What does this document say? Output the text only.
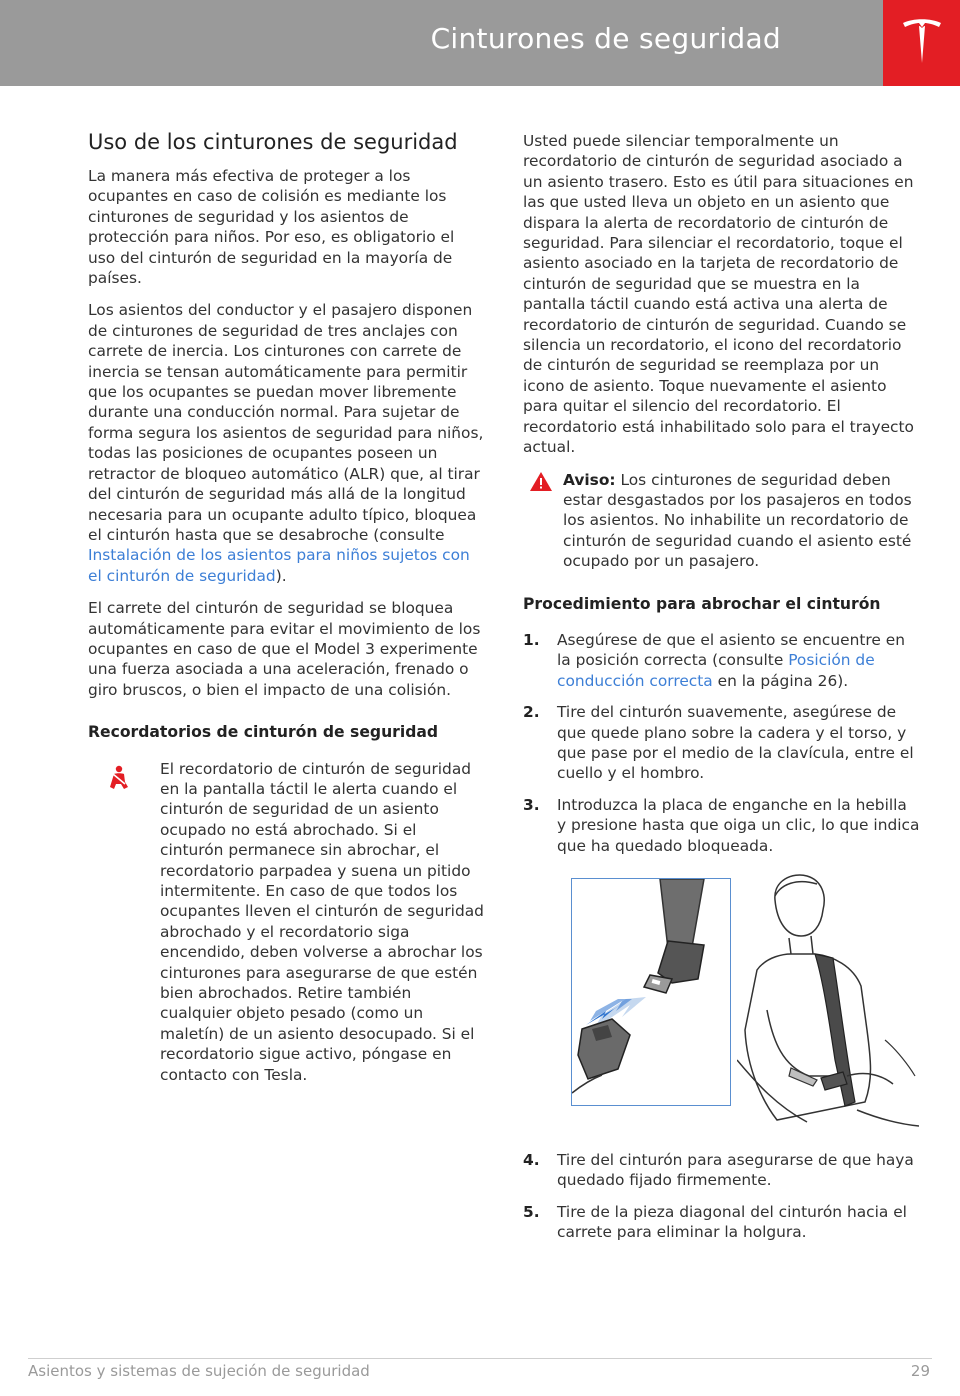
Cinturones de seguridad
Uso de los cinturones de seguridad

La manera más efectiva de proteger a los ocupantes en caso de colisión es mediante los cinturones de seguridad y los asientos de protección para niños. Por eso, es obligatorio el uso del cinturón de seguridad en la mayoría de países.

Los asientos del conductor y el pasajero disponen de cinturones de seguridad de tres anclajes con carrete de inercia. Los cinturones con carrete de inercia se tensan automáticamente para permitir que los ocupantes se puedan mover libremente durante una conducción normal. Para sujetar de forma segura los asientos de seguridad para niños, todas las posiciones de ocupantes poseen un retractor de bloqueo automático (ALR) que, al tirar del cinturón de seguridad más allá de la longitud necesaria para un ocupante adulto típico, bloquea el cinturón hasta que se desabroche (consulte Instalación de los asientos para niños sujetos con el cinturón de seguridad).

El carrete del cinturón de seguridad se bloquea automáticamente para evitar el movimiento de los ocupantes en caso de que el Model 3 experimente una fuerza asociada a una aceleración, frenado o giro bruscos, o bien el impacto de una colisión.

Recordatorios de cinturón de seguridad
El recordatorio de cinturón de seguridad en la pantalla táctil le alerta cuando el cinturón de seguridad de un asiento ocupado no está abrochado. Si el cinturón permanece sin abrochar, el recordatorio parpadea y suena un pitido intermitente. En caso de que todos los ocupantes lleven el cinturón de seguridad abrochado y el recordatorio siga encendido, deben volverse a abrochar los cinturones para asegurarse de que estén bien abrochados. Retire también cualquier objeto pesado (como un maletín) de un asiento desocupado. Si el recordatorio sigue activo, póngase en contacto con Tesla.

Usted puede silenciar temporalmente un recordatorio de cinturón de seguridad asociado a un asiento trasero. Esto es útil para situaciones en las que usted lleva un objeto en un asiento que dispara la alerta de recordatorio de cinturón de seguridad. Para silenciar el recordatorio, toque el asiento asociado en la tarjeta de recordatorio de cinturón de seguridad que se muestra en la pantalla táctil cuando está activa una alerta de recordatorio de cinturón de seguridad. Cuando se silencia un recordatorio, el icono del recordatorio de cinturón de seguridad se reemplaza por un icono de asiento. Toque nuevamente el asiento para quitar el silencio del recordatorio. El recordatorio está inhabilitado solo para el trayecto actual.

Aviso: Los cinturones de seguridad deben estar desgastados por los pasajeros en todos los asientos. No inhabilite un recordatorio de cinturón de seguridad cuando el asiento esté ocupado por un pasajero.
Procedimiento para abrochar el cinturón
1. Asegúrese de que el asiento se encuentre en la posición correcta (consulte Posición de conducción correcta en la página 26).
2. Tire del cinturón suavemente, asegúrese de que quede plano sobre la cadera y el torso, y que pase por el medio de la clavícula, entre el cuello y el hombro.
3. Introduzca la placa de enganche en la hebilla y presione hasta que oiga un clic, lo que indica que ha quedado bloqueada.
4. Tire del cinturón para asegurarse de que haya quedado fijado firmemente.
5. Tire de la pieza diagonal del cinturón hacia el carrete para eliminar la holgura.
Asientos y sistemas de sujeción de seguridad	29
